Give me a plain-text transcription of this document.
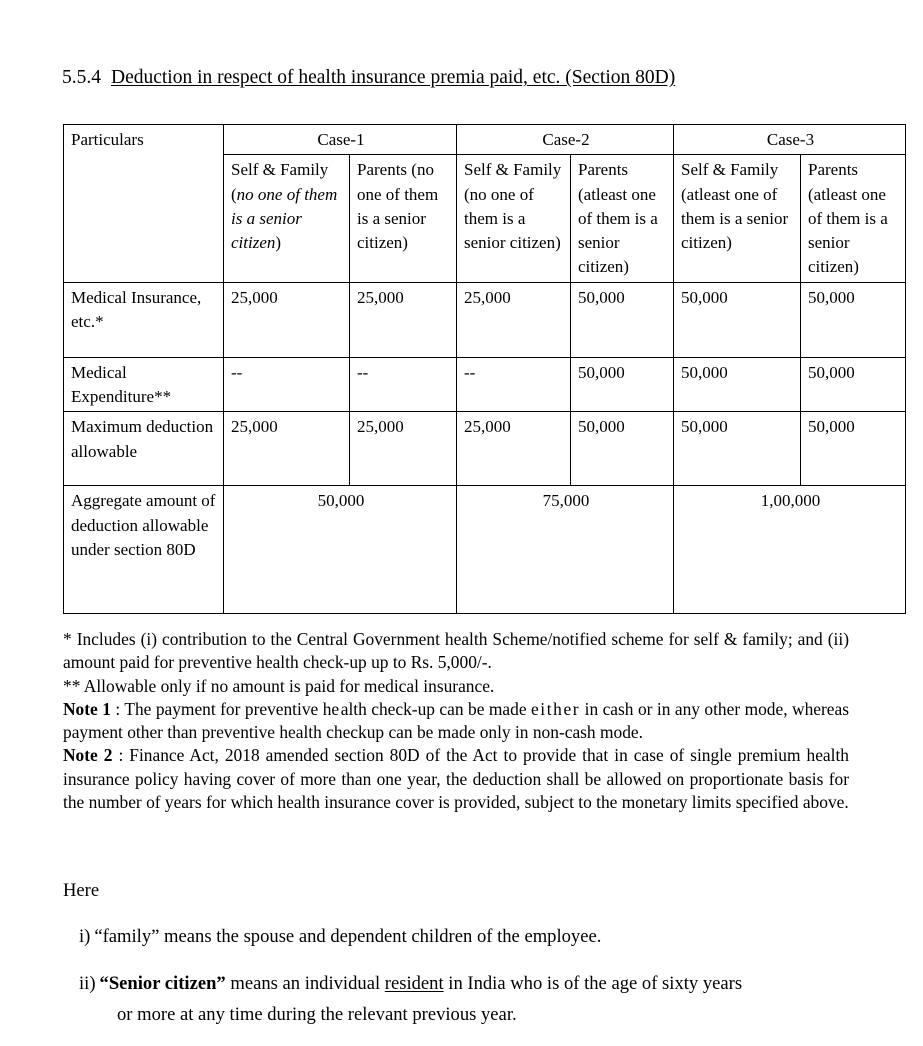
5.5.4 Deduction in respect of health insurance premia paid, etc. (Section 80D)
Particulars	Case-1		Case-2		Case-3	
	Self & Family (no one of them is a senior citizen)	Parents (no one of them is a senior citizen)	Self & Family (no one of them is a senior citizen)	Parents (atleast one of them is a senior citizen)	Self & Family (atleast one of them is a senior citizen)	Parents (atleast one of them is a senior citizen)
Medical Insurance, etc.*	25,000	25,000	25,000	50,000	50,000	50,000
Medical Expenditure**	--	--	--	50,000	50,000	50,000
Maximum deduction allowable	25,000	25,000	25,000	50,000	50,000	50,000
Aggregate amount of deduction allowable under section 80D	50,000		75,000		1,00,000	

* Includes (i) contribution to the Central Government health Scheme/notified scheme for self & family; and (ii) amount paid for preventive health check-up up to Rs. 5,000/-.

** Allowable only if no amount is paid for medical insurance.

Note 1 : The payment for preventive health check-up can be made either in cash or in any other mode, whereas payment other than preventive health checkup can be made only in non-cash mode.

Note 2 : Finance Act, 2018 amended section 80D of the Act to provide that in case of single premium health insurance policy having cover of more than one year, the deduction shall be allowed on proportionate basis for the number of years for which health insurance cover is provided, subject to the monetary limits specified above.

Here

i) “family” means the spouse and dependent children of the employee.
ii) “Senior citizen” means an individual resident in India who is of the age of sixty years
or more at any time during the relevant previous year.
